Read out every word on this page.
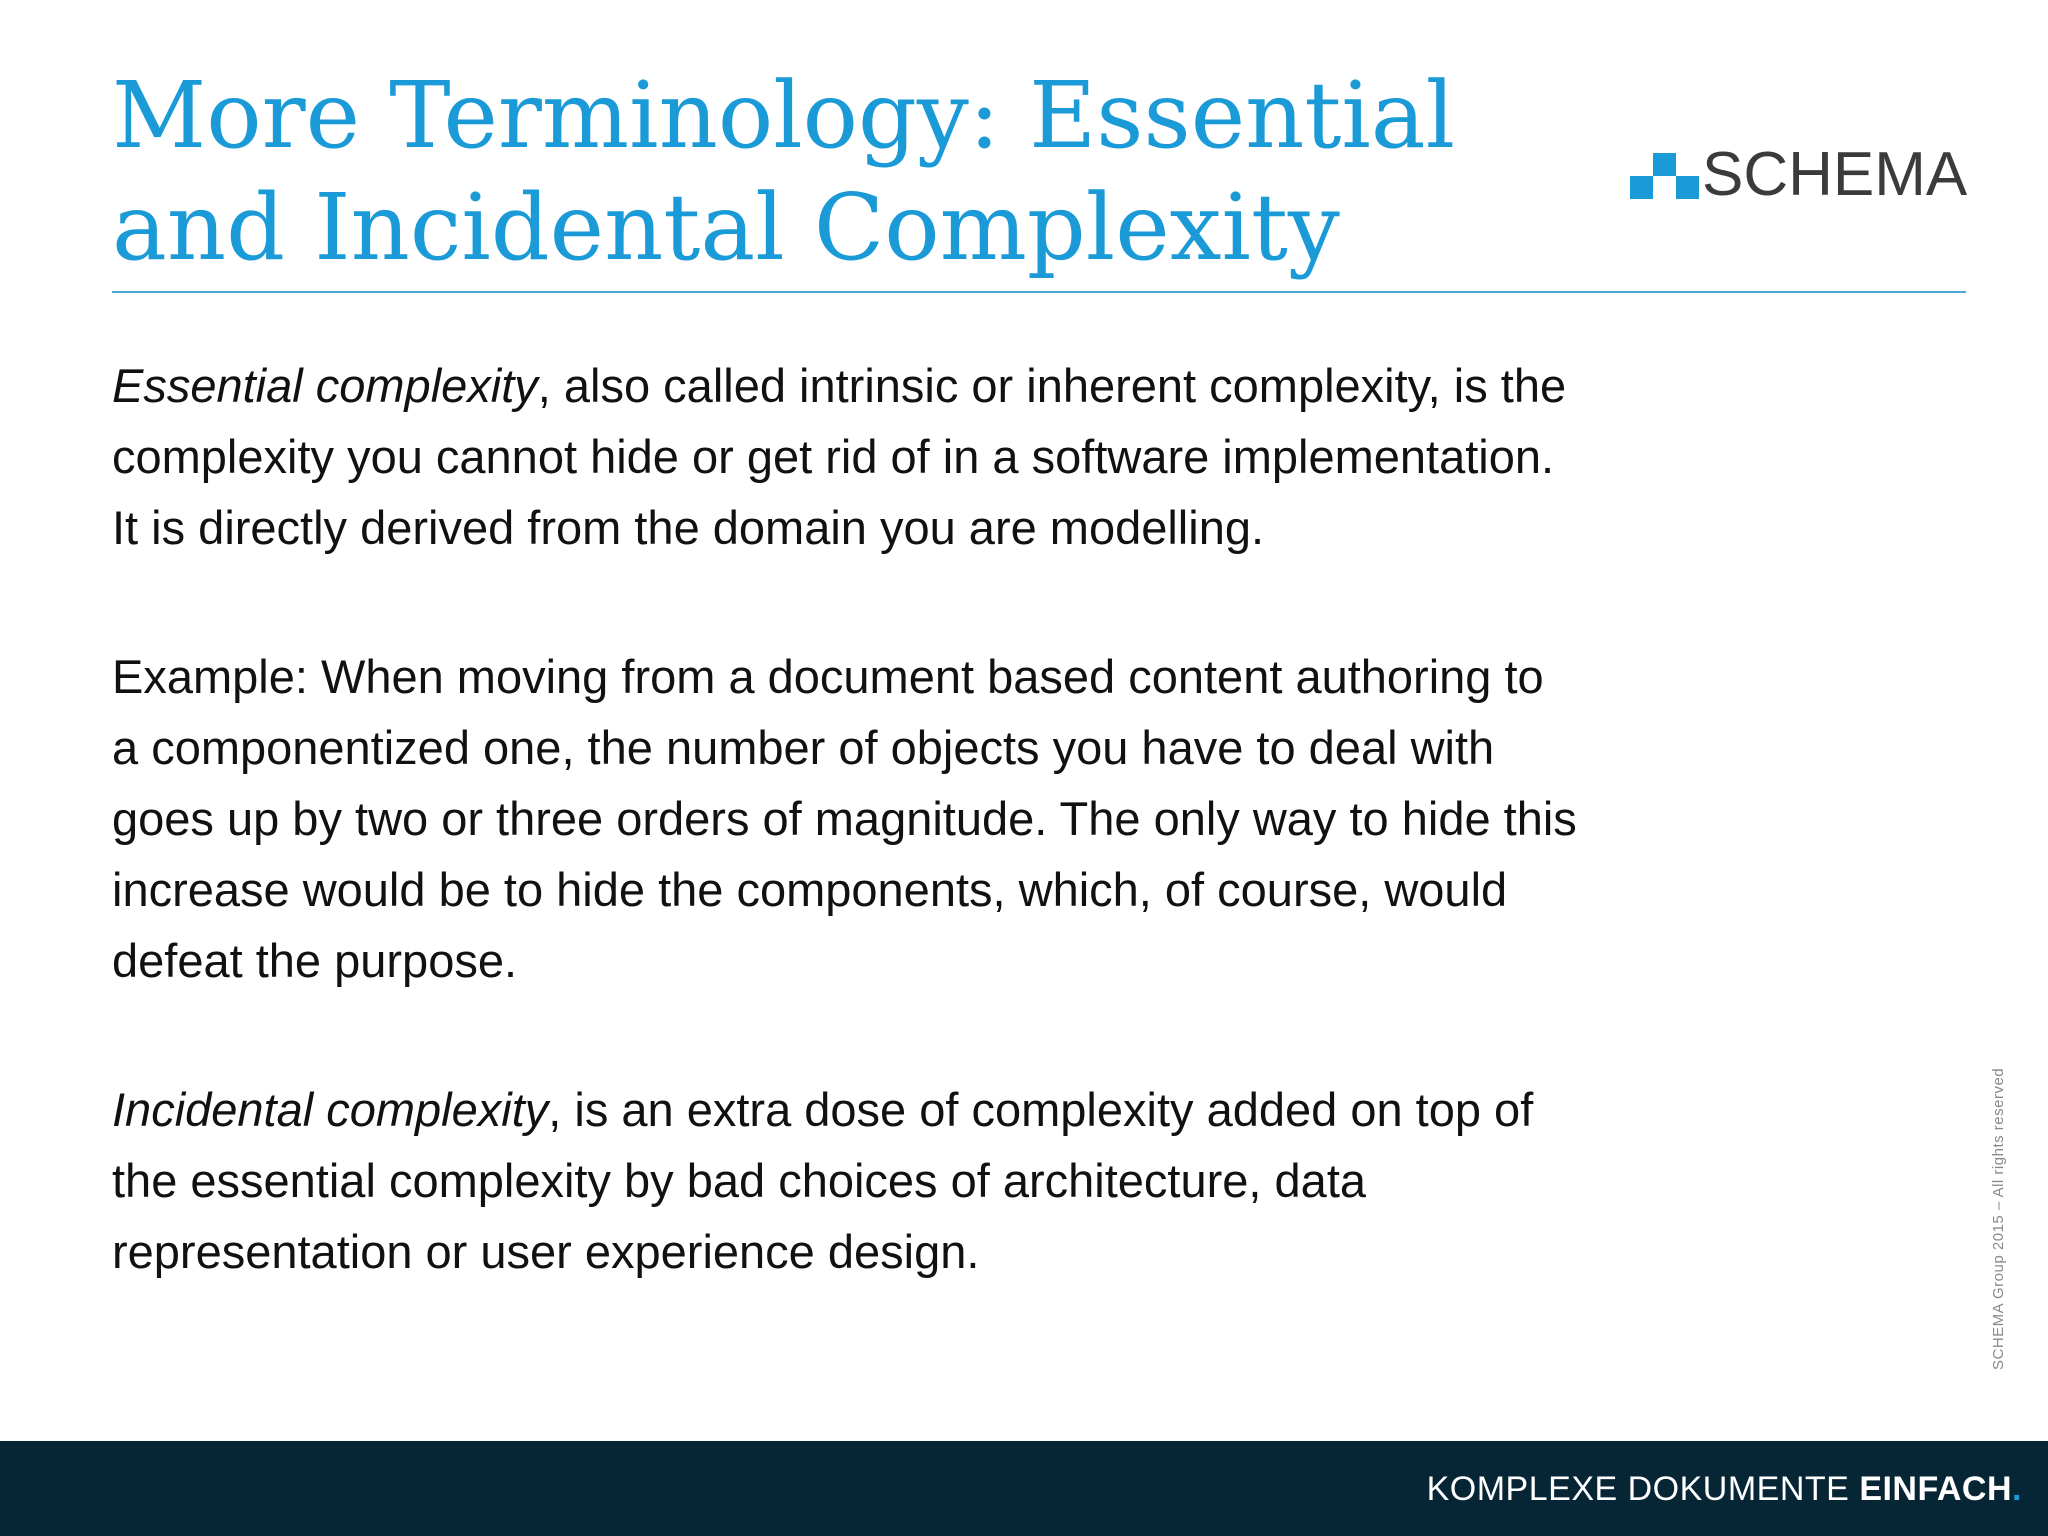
More Terminology: Essential
and Incidental Complexity	SCHEMA

Essential complexity, also called intrinsic or inherent complexity, is the
complexity you cannot hide or get rid of in a software implementation.
It is directly derived from the domain you are modelling.

Example: When moving from a document based content authoring to
a componentized one, the number of objects you have to deal with
goes up by two or three orders of magnitude. The only way to hide this
increase would be to hide the components, which, of course, would
defeat the purpose.

Incidental complexity, is an extra dose of complexity added on top of
the essential complexity by bad choices of architecture, data
representation or user experience design.	SCHEMA Group 2015 – All rights reserved
KOMPLEXE DOKUMENTE EINFACH.
